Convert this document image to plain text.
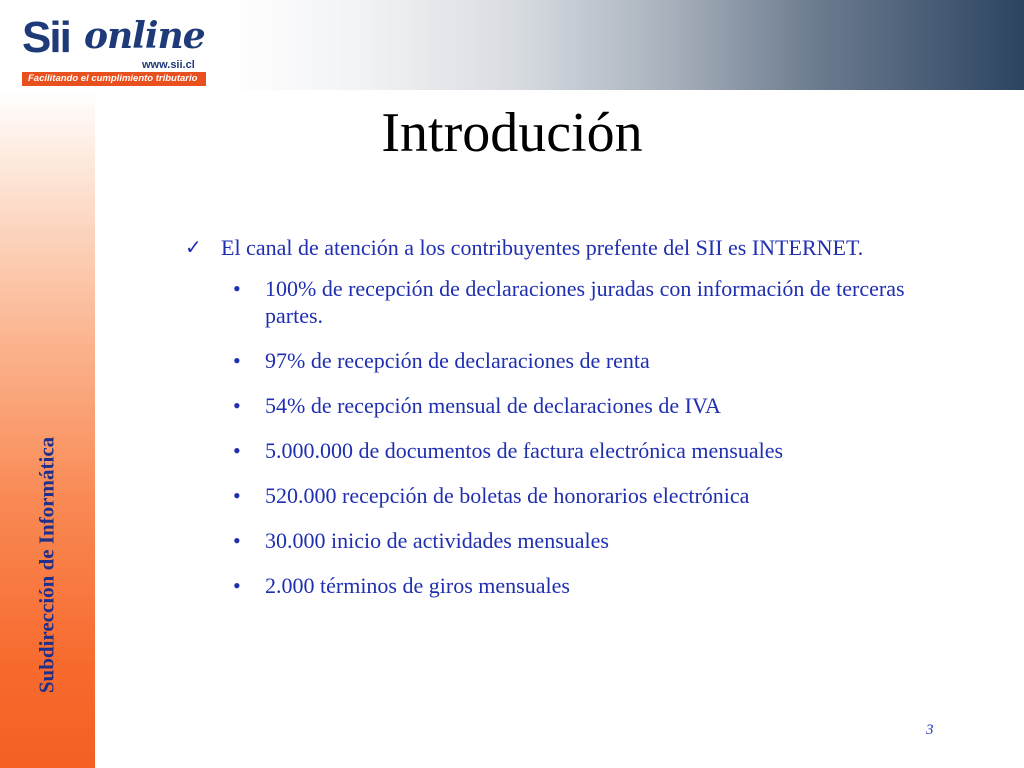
Sii online
www.sii.cl
Facilitando el cumplimiento tributario
Subdirección de Informática
Introdución
✓ El canal de atención a los contribuyentes prefente del SII es INTERNET.
• 100% de recepción de declaraciones juradas con información de terceras partes.
• 97% de recepción de declaraciones de renta
• 54% de recepción mensual de declaraciones de IVA
• 5.000.000 de documentos de factura electrónica mensuales
• 520.000 recepción de boletas de honorarios electrónica
• 30.000 inicio de actividades mensuales
• 2.000 términos de giros mensuales
3
